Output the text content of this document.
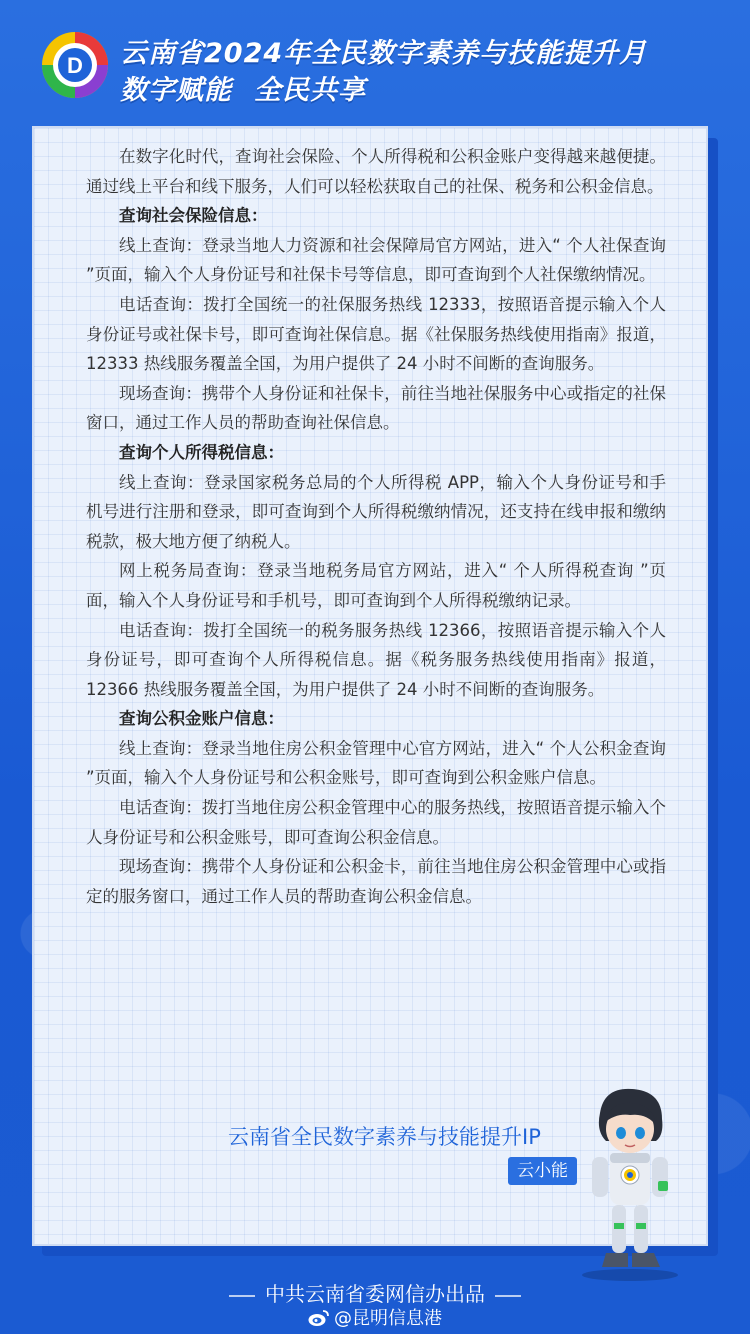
D 云南省2024年全民数字素养与技能提升月
数字赋能 全民共享

在数字化时代，查询社会保险、个人所得税和公积金账户变得越来越便捷。通过线上平台和线下服务，人们可以轻松获取自己的社保、税务和公积金信息。

查询社会保险信息：

线上查询：登录当地人力资源和社会保障局官方网站，进入“ 个人社保查询 ”页面，输入个人身份证号和社保卡号等信息，即可查询到个人社保缴纳情况。

电话查询：拨打全国统一的社保服务热线 12333，按照语音提示输入个人身份证号或社保卡号，即可查询社保信息。据《社保服务热线使用指南》报道，12333 热线服务覆盖全国，为用户提供了 24 小时不间断的查询服务。

现场查询：携带个人身份证和社保卡，前往当地社保服务中心或指定的社保窗口，通过工作人员的帮助查询社保信息。

查询个人所得税信息：

线上查询：登录国家税务总局的个人所得税 APP，输入个人身份证号和手机号进行注册和登录，即可查询到个人所得税缴纳情况，还支持在线申报和缴纳税款，极大地方便了纳税人。

网上税务局查询：登录当地税务局官方网站，进入“ 个人所得税查询 ”页面，输入个人身份证号和手机号，即可查询到个人所得税缴纳记录。

电话查询：拨打全国统一的税务服务热线 12366，按照语音提示输入个人身份证号，即可查询个人所得税信息。据《税务服务热线使用指南》报道，12366 热线服务覆盖全国，为用户提供了 24 小时不间断的查询服务。

查询公积金账户信息：

线上查询：登录当地住房公积金管理中心官方网站，进入“ 个人公积金查询 ”页面，输入个人身份证号和公积金账号，即可查询到公积金账户信息。

电话查询：拨打当地住房公积金管理中心的服务热线，按照语音提示输入个人身份证号和公积金账号，即可查询公积金信息。

现场查询：携带个人身份证和公积金卡，前往当地住房公积金管理中心或指定的服务窗口，通过工作人员的帮助查询公积金信息。

云南省全民数字素养与技能提升IP
云小能
中共云南省委网信办出品
@昆明信息港
